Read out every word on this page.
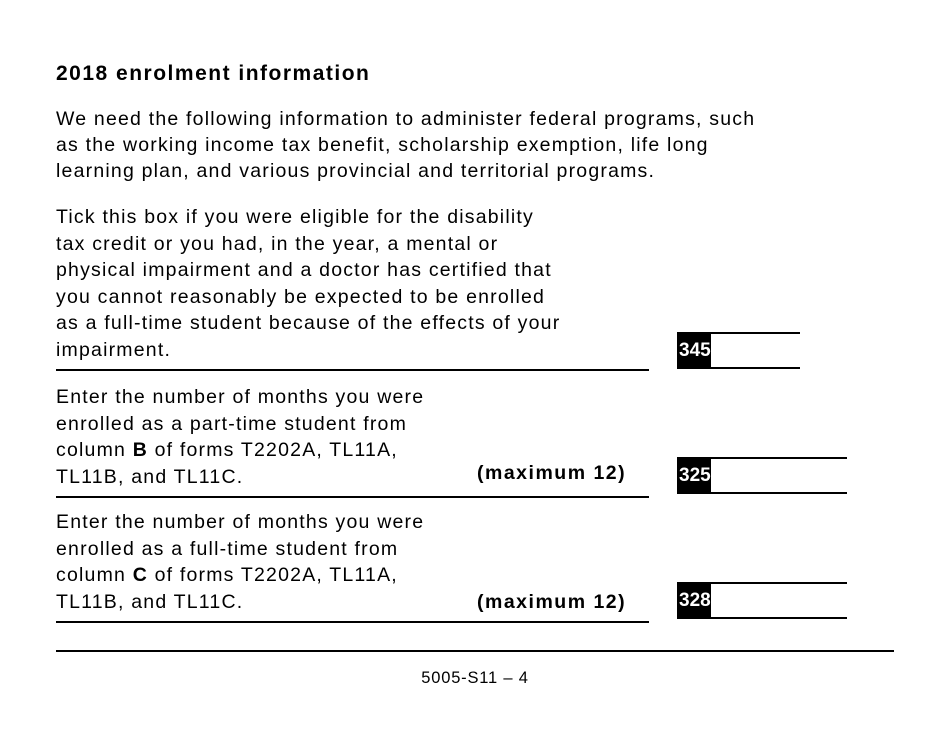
2018 enrolment information
We need the following information to administer federal programs, such
as the working income tax benefit, scholarship exemption, life long
learning plan, and various provincial and territorial programs.
Tick this box if you were eligible for the disability
tax credit or you had, in the year, a mental or
physical impairment and a doctor has certified that
you cannot reasonably be expected to be enrolled
as a full-time student because of the effects of your
impairment.	345
Enter the number of months you were
enrolled as a part-time student from
column B of forms T2202A, TL11A,
TL11B, and TL11C.	(maximum 12)	325
Enter the number of months you were
enrolled as a full-time student from
column C of forms T2202A, TL11A,
TL11B, and TL11C.	(maximum 12)	328
5005-S11 – 4
